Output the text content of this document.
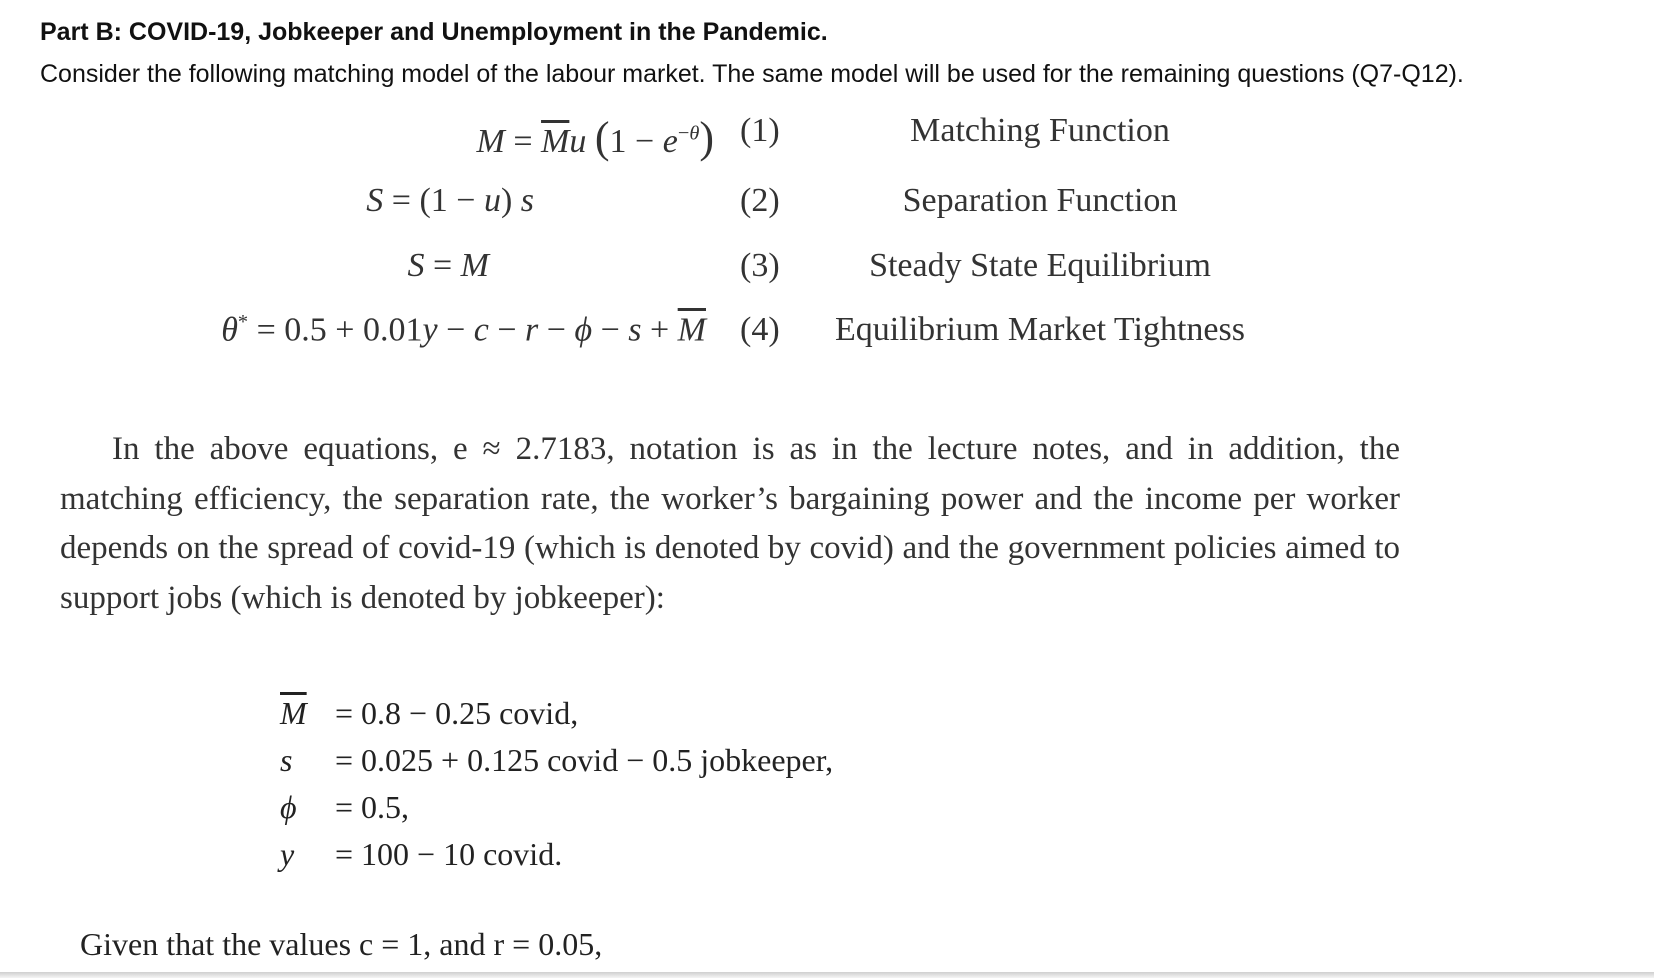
Part B: COVID-19, Jobkeeper and Unemployment in the Pandemic.
Consider the following matching model of the labour market. The same model will be used for the remaining questions (Q7-Q12).
$M = \overline{M}u$ $(1 - e^{-\theta})$ (1)	Matching Function
S = (1 − u) s	(2)	Separation Function
S = M	(3)	Steady State Equilibrium
$\theta^* = 0.5 + 0.01y - c - r - \phi - s + \overline{M}$ (4) Equilibrium Market Tightness
In the above equations, e ≈ 2.7183, notation is as in the lecture notes, and in addition, the matching efficiency, the separation rate, the worker’s bargaining power and the income per worker depends on the spread of covid-19 (which is denoted by covid) and the government policies aimed to support jobs (which is denoted by jobkeeper):
$\overline{M} = 0.8 - 0.25$ covid,
s	= 0.025 + 0.125 covid − 0.5 jobkeeper,
ϕ	= 0.5,
y	= 100 − 10 covid.
Given that the values c = 1, and r = 0.05,
